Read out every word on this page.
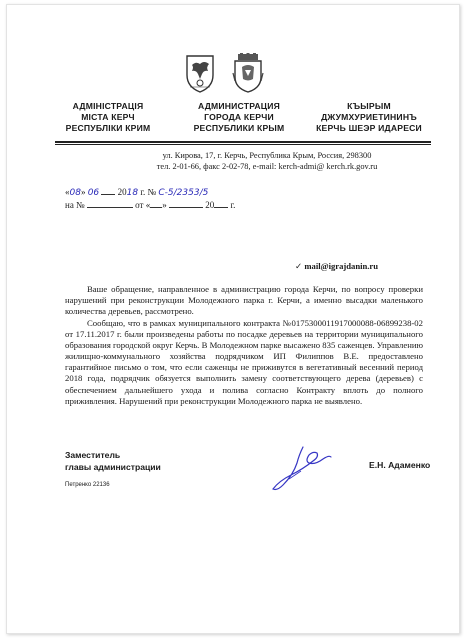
АДМІНІСТРАЦІЯ
МІСТА КЕРЧ
РЕСПУБЛІКИ КРИМ
АДМИНИСТРАЦИЯ
ГОРОДА КЕРЧИ
РЕСПУБЛИКИ КРЫМ
КЪЫРЫМ
ДЖУМХУРИЕТИНИНЪ
КЕРЧЬ ШЕЭР ИДАРЕСИ
ул. Кирова, 17, г. Керчь, Республика Крым, Россия, 298300
тел. 2-01-66, факс 2-02-78, e-mail: kerch-admi@ kerch.rk.gov.ru
«08» 06 2018 г. № С-5/2353/5
на №	от « »	20 г.
✓ mail@igrajdanin.ru

Ваше обращение, направленное в администрацию города Керчи, по вопросу проверки нарушений при реконструкции Молодежного парка г. Керчи, а именно высадки маленького количества деревьев, рассмотрено.

Сообщаю, что в рамках муниципального контракта №0175300011917000088-06899238-02 от 17.11.2017 г. были произведены работы по посадке деревьев на территории муниципального образования городской округ Керчь. В Молодежном парке высажено 835 саженцев. Управлению жилищно-коммунального хозяйства подрядчиком ИП Филиппов В.Е. предоставлено гарантийное письмо о том, что если саженцы не приживутся в вегетативный весенний период 2018 года, подрядчик обязуется выполнить замену соответствующего дерева (деревьев) с обеспечением дальнейшего ухода и полива согласно Контракту вплоть до полного приживления. Нарушений при реконструкции Молодежного парка не выявлено.

Заместитель
главы администрации	Е.Н. Адаменко
Петренко 22136
